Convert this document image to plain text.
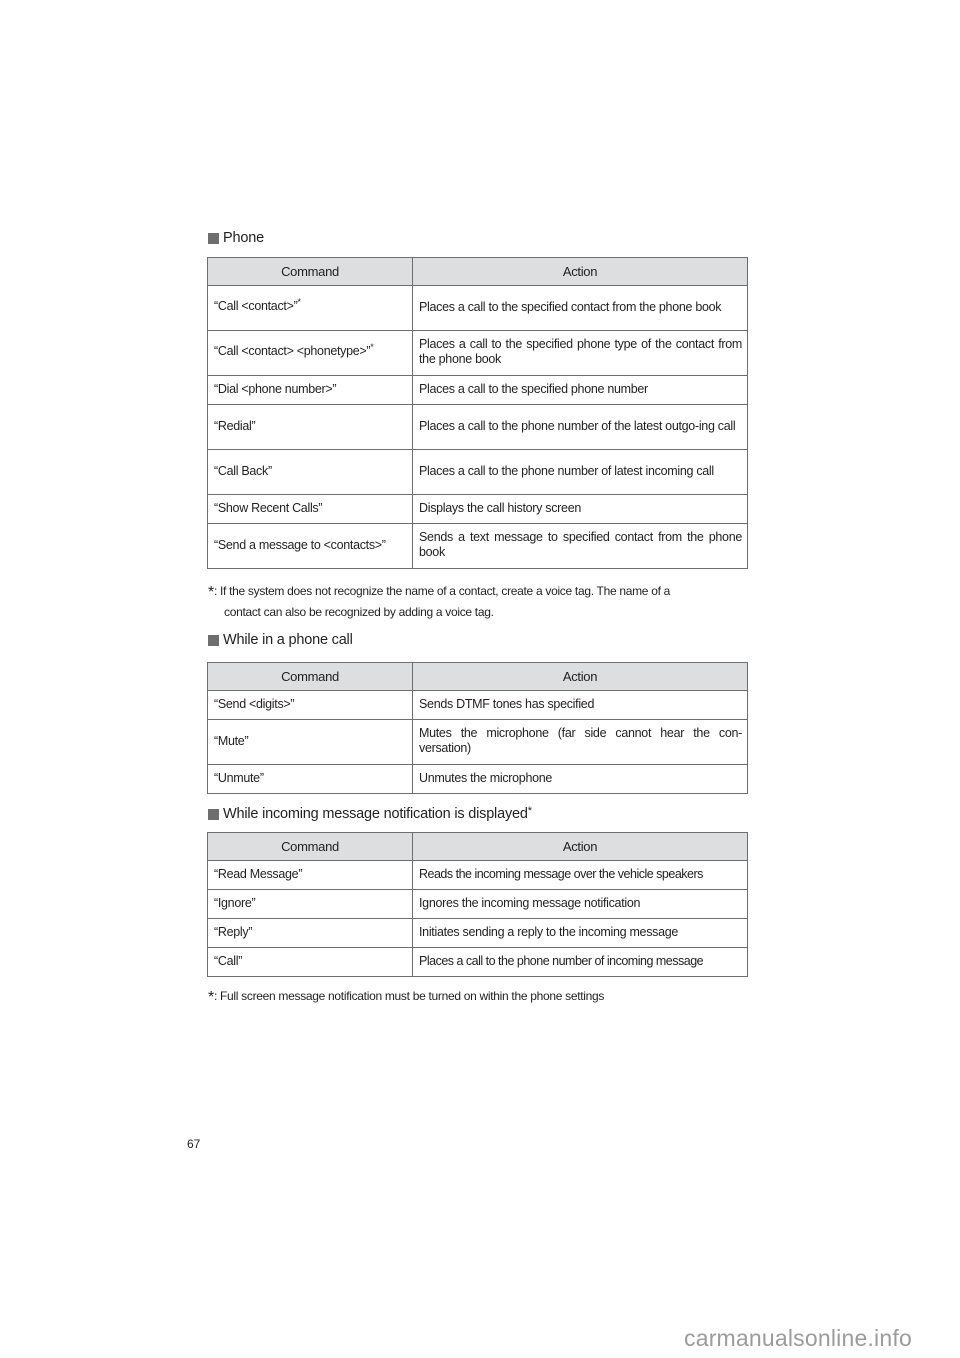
Phone
Command	Action
“Call <contact>”*	Places a call to the specified contact from the phone book
“Call <contact> <phonetype>”*	Places a call to the specified phone type of the contact from the phone book
“Dial <phone number>”	Places a call to the specified phone number
“Redial”	Places a call to the phone number of the latest outgo-ing call
“Call Back”	Places a call to the phone number of latest incoming call
“Show Recent Calls”	Displays the call history screen
“Send a message to <contacts>”	Sends a text message to specified contact from the phone book
*: If the system does not recognize the name of a contact, create a voice tag. The name of a
contact can also be recognized by adding a voice tag.
While in a phone call
Command	Action
“Send <digits>”	Sends DTMF tones has specified
“Mute”	Mutes the microphone (far side cannot hear the con-versation)
“Unmute”	Unmutes the microphone
While incoming message notification is displayed *
Command	Action
“Read Message”	Reads the incoming message over the vehicle speakers
“Ignore”	Ignores the incoming message notification
“Reply”	Initiates sending a reply to the incoming message
“Call”	Places a call to the phone number of incoming message
*: Full screen message notification must be turned on within the phone settings
67
carmanualsonline.info
